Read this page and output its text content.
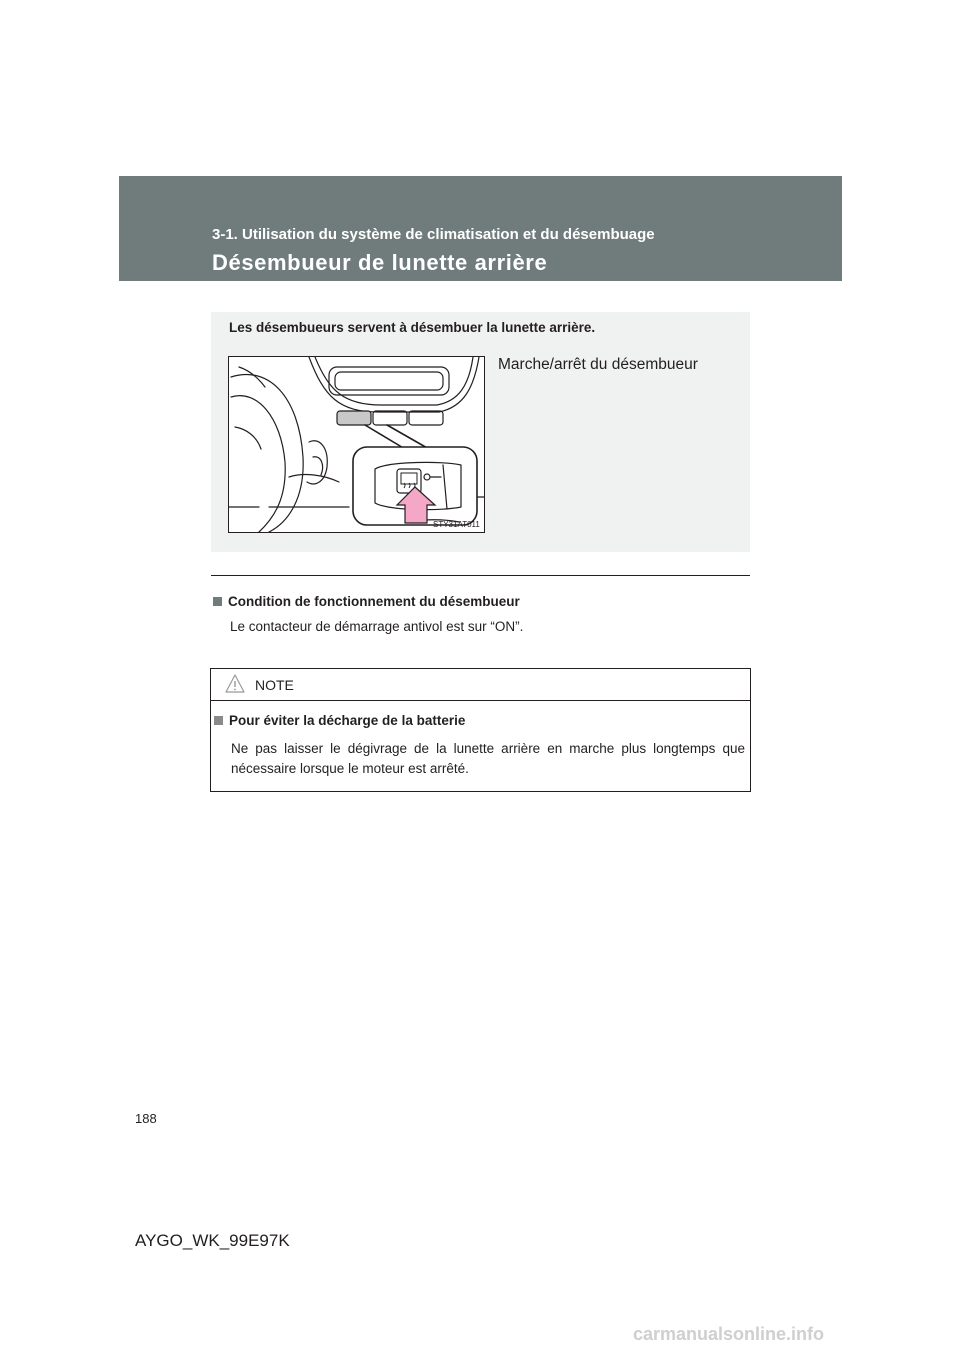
3-1. Utilisation du système de climatisation et du désembuage
Désembueur de lunette arrière
Les désembueurs servent à désembuer la lunette arrière.
STY31AT011
Marche/arrêt du désembueur
Condition de fonctionnement du désembueur
Le contacteur de démarrage antivol est sur “ON”.
NOTE
Pour éviter la décharge de la batterie
Ne pas laisser le dégivrage de la lunette arrière en marche plus longtemps que nécessaire lorsque le moteur est arrêté.
188
AYGO_WK_99E97K
carmanualsonline.info
